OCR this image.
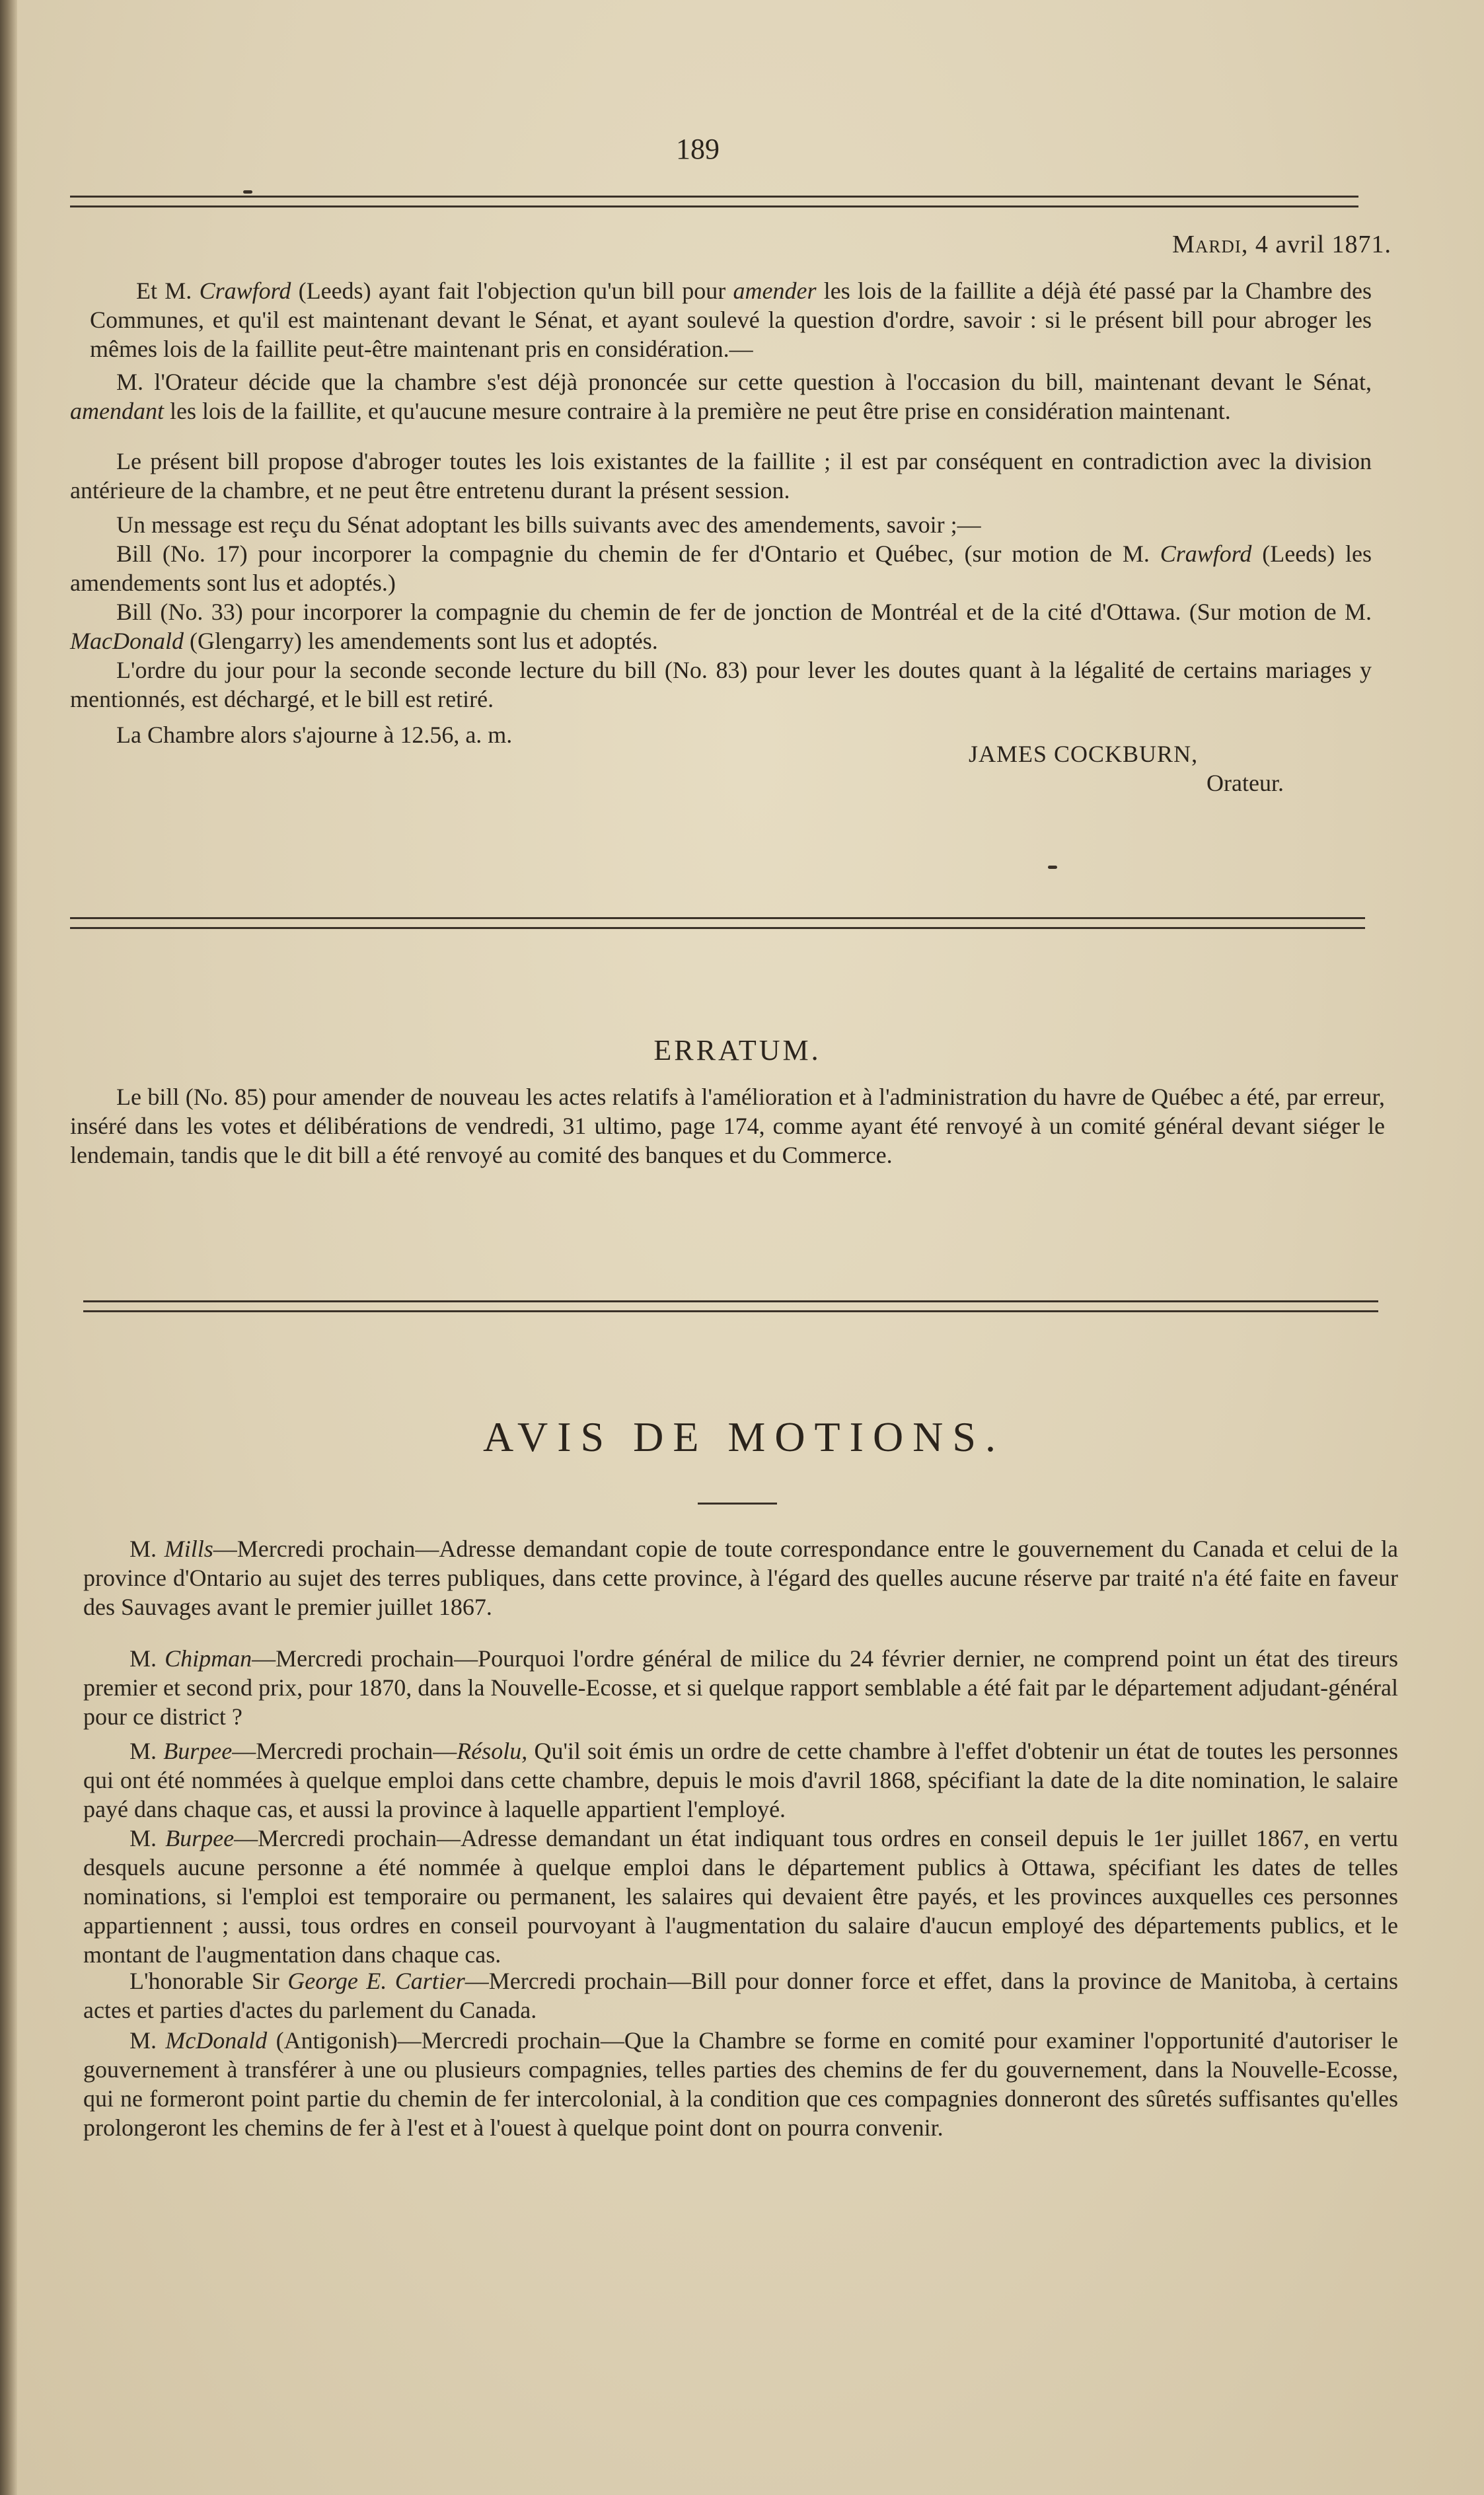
189
Mardi, 4 avril 1871.

Et M. Crawford (Leeds) ayant fait l'objection qu'un bill pour amender les lois de la faillite a déjà été passé par la Chambre des Communes, et qu'il est maintenant devant le Sénat, et ayant soulevé la question d'ordre, savoir : si le présent bill pour abroger les mêmes lois de la faillite peut-être maintenant pris en considération.—

M. l'Orateur décide que la chambre s'est déjà prononcée sur cette question à l'occasion du bill, maintenant devant le Sénat, amendant les lois de la faillite, et qu'aucune mesure contraire à la première ne peut être prise en considération maintenant.

Le présent bill propose d'abroger toutes les lois existantes de la faillite ; il est par conséquent en contradiction avec la division antérieure de la chambre, et ne peut être entretenu durant la présent session.

Un message est reçu du Sénat adoptant les bills suivants avec des amendements, savoir ;—

Bill (No. 17) pour incorporer la compagnie du chemin de fer d'Ontario et Québec, (sur motion de M. Crawford (Leeds) les amendements sont lus et adoptés.)

Bill (No. 33) pour incorporer la compagnie du chemin de fer de jonction de Montréal et de la cité d'Ottawa. (Sur motion de M. MacDonald (Glengarry) les amendements sont lus et adoptés.

L'ordre du jour pour la seconde seconde lecture du bill (No. 83) pour lever les doutes quant à la légalité de certains mariages y mentionnés, est déchargé, et le bill est retiré.

La Chambre alors s'ajourne à 12.56, a. m.

JAMES COCKBURN,
Orateur.
ERRATUM.

Le bill (No. 85) pour amender de nouveau les actes relatifs à l'amélioration et à l'administration du havre de Québec a été, par erreur, inséré dans les votes et délibérations de vendredi, 31 ultimo, page 174, comme ayant été renvoyé à un comité général devant siéger le lendemain, tandis que le dit bill a été renvoyé au comité des banques et du Commerce.

AVIS DE MOTIONS.

M. Mills—Mercredi prochain—Adresse demandant copie de toute correspondance entre le gouvernement du Canada et celui de la province d'Ontario au sujet des terres publiques, dans cette province, à l'égard des quelles aucune réserve par traité n'a été faite en faveur des Sauvages avant le premier juillet 1867.

M. Chipman—Mercredi prochain—Pourquoi l'ordre général de milice du 24 février dernier, ne comprend point un état des tireurs premier et second prix, pour 1870, dans la Nouvelle-Ecosse, et si quelque rapport semblable a été fait par le département adjudant-général pour ce district ?

M. Burpee—Mercredi prochain—Résolu, Qu'il soit émis un ordre de cette chambre à l'effet d'obtenir un état de toutes les personnes qui ont été nommées à quelque emploi dans cette chambre, depuis le mois d'avril 1868, spécifiant la date de la dite nomination, le salaire payé dans chaque cas, et aussi la province à laquelle appartient l'employé.

M. Burpee—Mercredi prochain—Adresse demandant un état indiquant tous ordres en conseil depuis le 1er juillet 1867, en vertu desquels aucune personne a été nommée à quelque emploi dans le département publics à Ottawa, spécifiant les dates de telles nominations, si l'emploi est temporaire ou permanent, les salaires qui devaient être payés, et les provinces auxquelles ces personnes appartiennent ; aussi, tous ordres en conseil pourvoyant à l'augmentation du salaire d'aucun employé des départements publics, et le montant de l'augmentation dans chaque cas.

L'honorable Sir George E. Cartier—Mercredi prochain—Bill pour donner force et effet, dans la province de Manitoba, à certains actes et parties d'actes du parlement du Canada.

M. McDonald (Antigonish)—Mercredi prochain—Que la Chambre se forme en comité pour examiner l'opportunité d'autoriser le gouvernement à transférer à une ou plusieurs compagnies, telles parties des chemins de fer du gouvernement, dans la Nouvelle-Ecosse, qui ne formeront point partie du chemin de fer intercolonial, à la condition que ces compagnies donneront des sûretés suffisantes qu'elles prolongeront les chemins de fer à l'est et à l'ouest à quelque point dont on pourra convenir.
